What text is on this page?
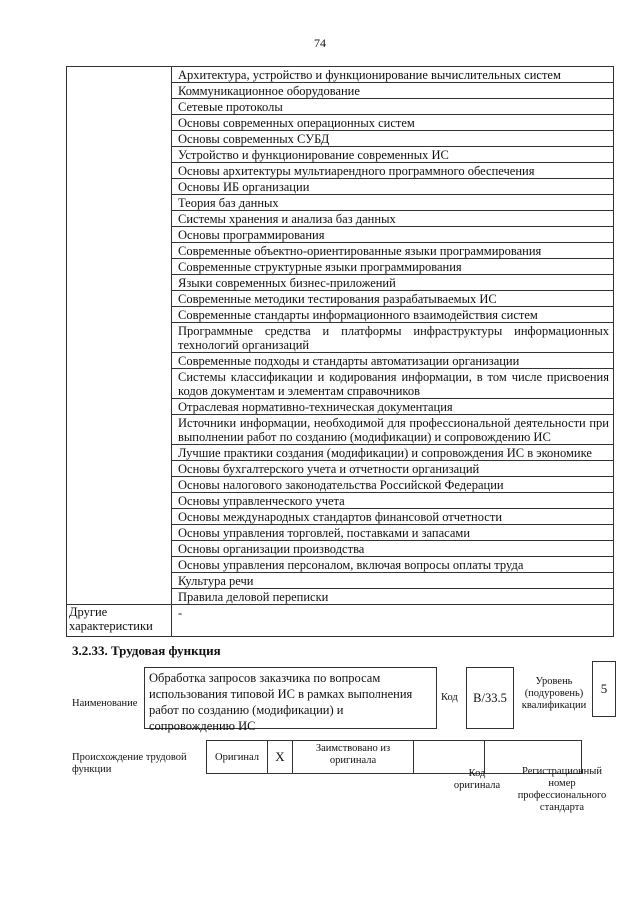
74
	Архитектура, устройство и функционирование вычислительных систем
	Коммуникационное оборудование
	Сетевые протоколы
	Основы современных операционных систем
	Основы современных СУБД
	Устройство и функционирование современных ИС
	Основы архитектуры мультиарендного программного обеспечения
	Основы ИБ организации
	Теория баз данных
	Системы хранения и анализа баз данных
	Основы программирования
	Современные объектно-ориентированные языки программирования
	Современные структурные языки программирования
	Языки современных бизнес-приложений
	Современные методики тестирования разрабатываемых ИС
	Современные стандарты информационного взаимодействия систем
	Программные средства и платформы инфраструктуры информационных технологий организаций
	Современные подходы и стандарты автоматизации организации
	Системы классификации и кодирования информации, в том числе присвоения кодов документам и элементам справочников
	Отраслевая нормативно-техническая документация
	Источники информации, необходимой для профессиональной деятельности при выполнении работ по созданию (модификации) и сопровождению ИС
	Лучшие практики создания (модификации) и сопровождения ИС в экономике
	Основы бухгалтерского учета и отчетности организаций
	Основы налогового законодательства Российской Федерации
	Основы управленческого учета
	Основы международных стандартов финансовой отчетности
	Основы управления торговлей, поставками и запасами
	Основы организации производства
	Основы управления персоналом, включая вопросы оплаты труда
	Культура речи
	Правила деловой переписки
Другие характеристики	-
3.2.33. Трудовая функция
Наименование
Обработка запросов заказчика по вопросам использования типовой ИС в рамках выполнения работ по созданию (модификации) и сопровождению ИС
Код	B/33.5
Уровень (подуровень) квалификации
5
Происхождение трудовой функции
Оригинал	X	Заимствовано из оригинала		
Код оригинала
Регистрационный номер профессионального стандарта
